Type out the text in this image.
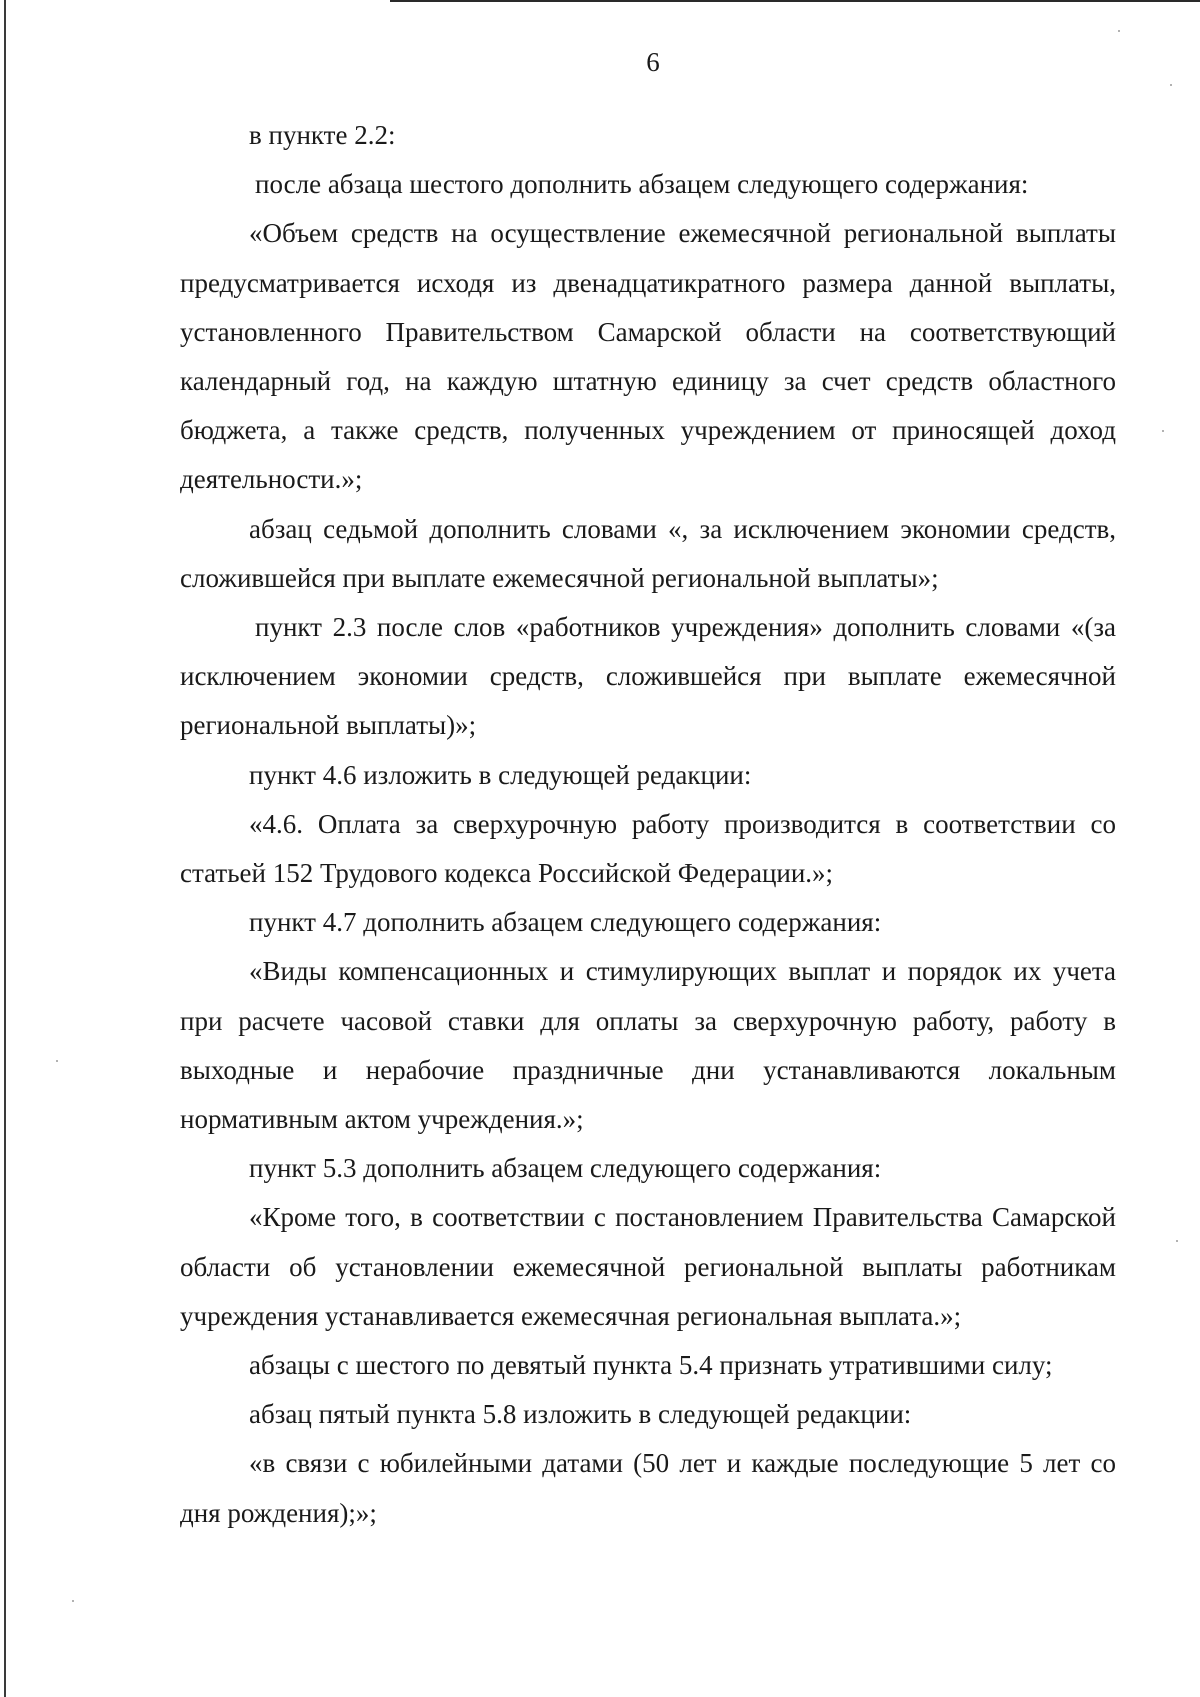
6

в пункте 2.2:

после абзаца шестого дополнить абзацем следующего содержания:

«Объем средств на осуществление ежемесячной региональной выплаты предусматривается исходя из двенадцатикратного размера данной выплаты, установленного Правительством Самарской области на соответствующий календарный год, на каждую штатную единицу за счет средств областного бюджета, а также средств, полученных учреждением от приносящей доход деятельности.»;

абзац седьмой дополнить словами «, за исключением экономии средств, сложившейся при выплате ежемесячной региональной выплаты»;

пункт 2.3 после слов «работников учреждения» дополнить словами «(за исключением экономии средств, сложившейся при выплате ежемесячной региональной выплаты)»;

пункт 4.6 изложить в следующей редакции:

«4.6. Оплата за сверхурочную работу производится в соответствии со статьей 152 Трудового кодекса Российской Федерации.»;

пункт 4.7 дополнить абзацем следующего содержания:

«Виды компенсационных и стимулирующих выплат и порядок их учета при расчете часовой ставки для оплаты за сверхурочную работу, работу в выходные и нерабочие праздничные дни устанавливаются локальным нормативным актом учреждения.»;

пункт 5.3 дополнить абзацем следующего содержания:

«Кроме того, в соответствии с постановлением Правительства Самарской области об установлении ежемесячной региональной выплаты работникам учреждения устанавливается ежемесячная региональная выплата.»;

абзацы с шестого по девятый пункта 5.4 признать утратившими силу;

абзац пятый пункта 5.8 изложить в следующей редакции:

«в связи с юбилейными датами (50 лет и каждые последующие 5 лет со дня рождения);»;
